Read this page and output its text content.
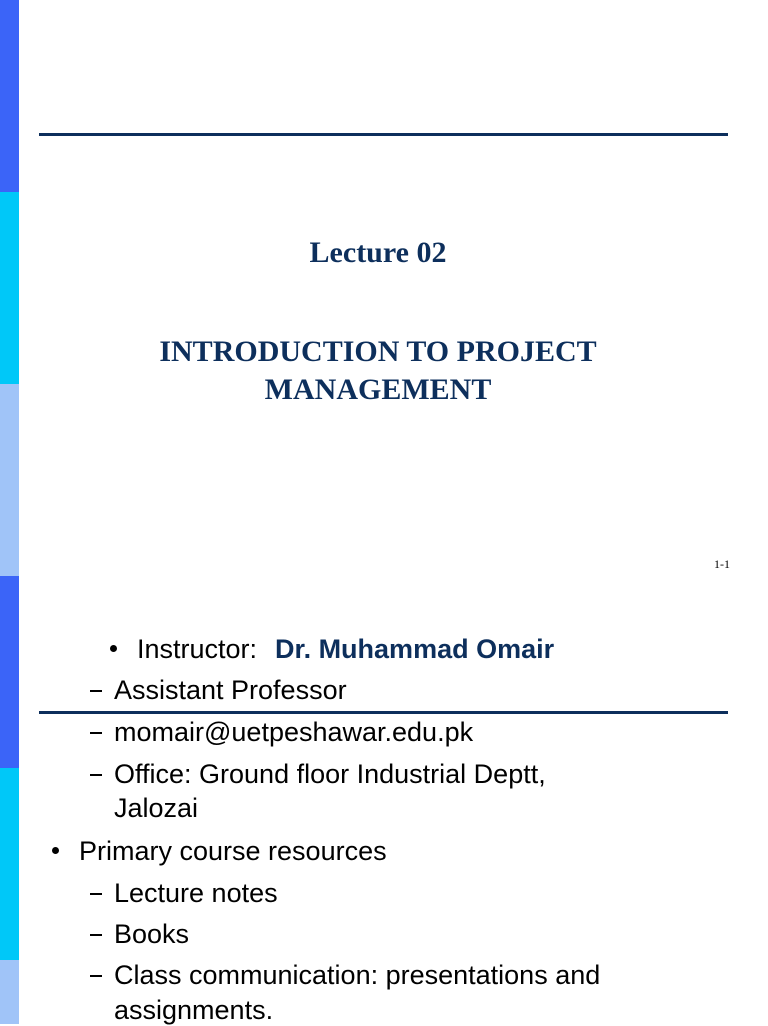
Lecture 02
INTRODUCTION TO PROJECT
MANAGEMENT
1-1
Instructor: Dr. Muhammad Omair
Assistant Professor
momair@uetpeshawar.edu.pk
Office: Ground floor Industrial Deptt,
Jalozai
Primary course resources
Lecture notes
Books
Class communication: presentations and
assignments.
